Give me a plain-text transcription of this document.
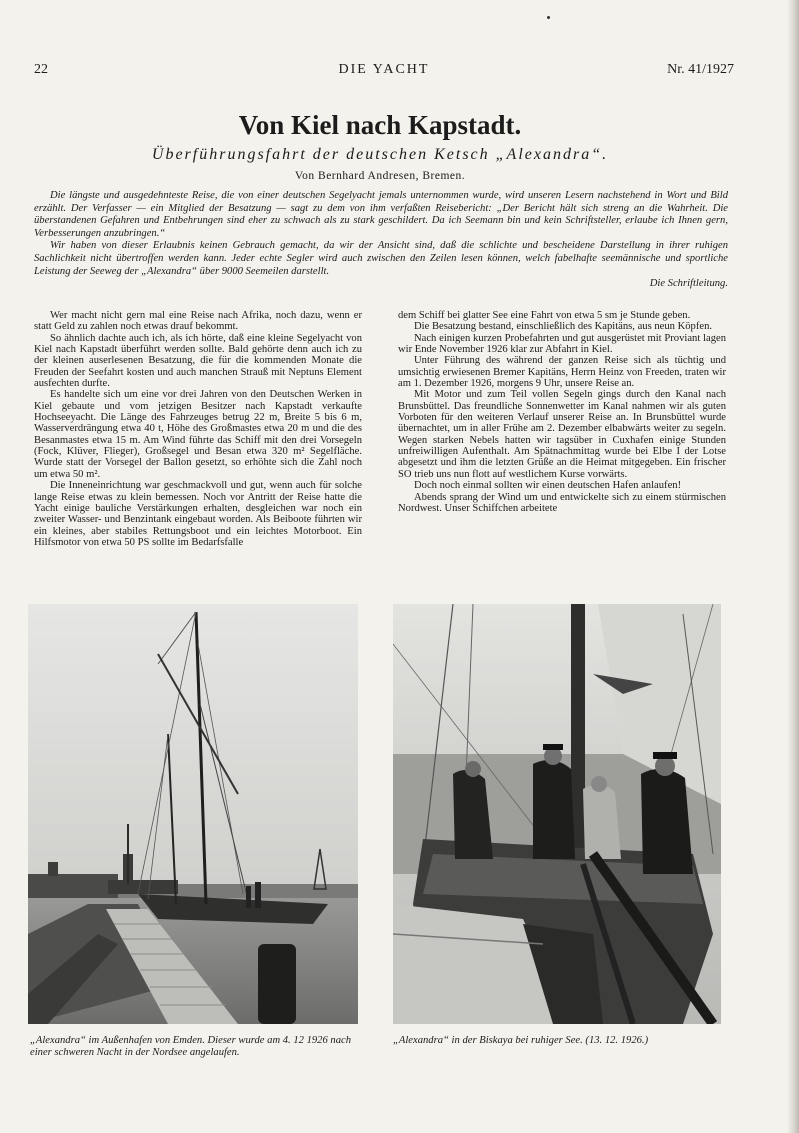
22	DIE YACHT	Nr. 41/1927
Von Kiel nach Kapstadt.
Überführungsfahrt der deutschen Ketsch „Alexandra“.
Von Bernhard Andresen, Bremen.

Die längste und ausgedehnteste Reise, die von einer deutschen Segelyacht jemals unternommen wurde, wird unseren Lesern nachstehend in Wort und Bild erzählt. Der Verfasser — ein Mitglied der Besatzung — sagt zu dem von ihm verfaßten Reisebericht: „Der Bericht hält sich streng an die Wahrheit. Die überstandenen Gefahren und Entbehrungen sind eher zu schwach als zu stark geschildert. Da ich Seemann bin und kein Schriftsteller, erlaube ich Ihnen gern, Verbesserungen anzubringen.“

Wir haben von dieser Erlaubnis keinen Gebrauch gemacht, da wir der Ansicht sind, daß die schlichte und bescheidene Darstellung in ihrer ruhigen Sachlichkeit nicht übertroffen werden kann. Jeder echte Segler wird auch zwischen den Zeilen lesen können, welch fabelhafte seemännische und sportliche Leistung der Seeweg der „Alexandra“ über 9000 Seemeilen darstellt.

Die Schriftleitung.

Wer macht nicht gern mal eine Reise nach Afrika, noch dazu, wenn er statt Geld zu zahlen noch etwas drauf bekommt.

So ähnlich dachte auch ich, als ich hörte, daß eine kleine Segelyacht von Kiel nach Kapstadt überführt werden sollte. Bald gehörte denn auch ich zu der kleinen auserlesenen Besatzung, die für die kommenden Monate die Freuden der Seefahrt kosten und auch manchen Strauß mit Neptuns Element ausfechten durfte.

Es handelte sich um eine vor drei Jahren von den Deutschen Werken in Kiel gebaute und vom jetzigen Besitzer nach Kapstadt verkaufte Hochseeyacht. Die Länge des Fahrzeuges betrug 22 m, Breite 5 bis 6 m, Wasserverdrängung etwa 40 t, Höhe des Großmastes etwa 20 m und die des Besanmastes etwa 15 m. Am Wind führte das Schiff mit den drei Vorsegeln (Fock, Klüver, Flieger), Großsegel und Besan etwa 320 m² Segelfläche. Wurde statt der Vorsegel der Ballon gesetzt, so erhöhte sich die Zahl noch um etwa 50 m².

Die Inneneinrichtung war geschmackvoll und gut, wenn auch für solche lange Reise etwas zu klein bemessen. Noch vor Antritt der Reise hatte die Yacht einige bauliche Verstärkungen erhalten, desgleichen war noch ein zweiter Wasser- und Benzintank eingebaut worden. Als Beiboote führten wir ein kleines, aber stabiles Rettungsboot und ein leichtes Motorboot. Ein Hilfsmotor von etwa 50 PS sollte im Bedarfsfalle

dem Schiff bei glatter See eine Fahrt von etwa 5 sm je Stunde geben.

Die Besatzung bestand, einschließlich des Kapitäns, aus neun Köpfen.

Nach einigen kurzen Probefahrten und gut ausgerüstet mit Proviant lagen wir Ende November 1926 klar zur Abfahrt in Kiel.

Unter Führung des während der ganzen Reise sich als tüchtig und umsichtig erwiesenen Bremer Kapitäns, Herrn Heinz von Freeden, traten wir am 1. Dezember 1926, morgens 9 Uhr, unsere Reise an.

Mit Motor und zum Teil vollen Segeln gings durch den Kanal nach Brunsbüttel. Das freundliche Sonnenwetter im Kanal nahmen wir als guten Vorboten für den weiteren Verlauf unserer Reise an. In Brunsbüttel wurde übernachtet, um in aller Frühe am 2. Dezember elbabwärts weiter zu segeln. Wegen starken Nebels hatten wir tagsüber in Cuxhafen einige Stunden unfreiwilligen Aufenthalt. Am Spätnachmittag wurde bei Elbe I der Lotse abgesetzt und ihm die letzten Grüße an die Heimat mitgegeben. Ein frischer SO trieb uns nun flott auf westlichem Kurse vorwärts.

Doch noch einmal sollten wir einen deutschen Hafen anlaufen!

Abends sprang der Wind um und entwickelte sich zu einem stürmischen Nordwest. Unser Schiffchen arbeitete

„Alexandra“ im Außenhafen von Emden. Dieser wurde am 4. 12 1926 nach einer schweren Nacht in der Nordsee angelaufen.
„Alexandra“ in der Biskaya bei ruhiger See. (13. 12. 1926.)
